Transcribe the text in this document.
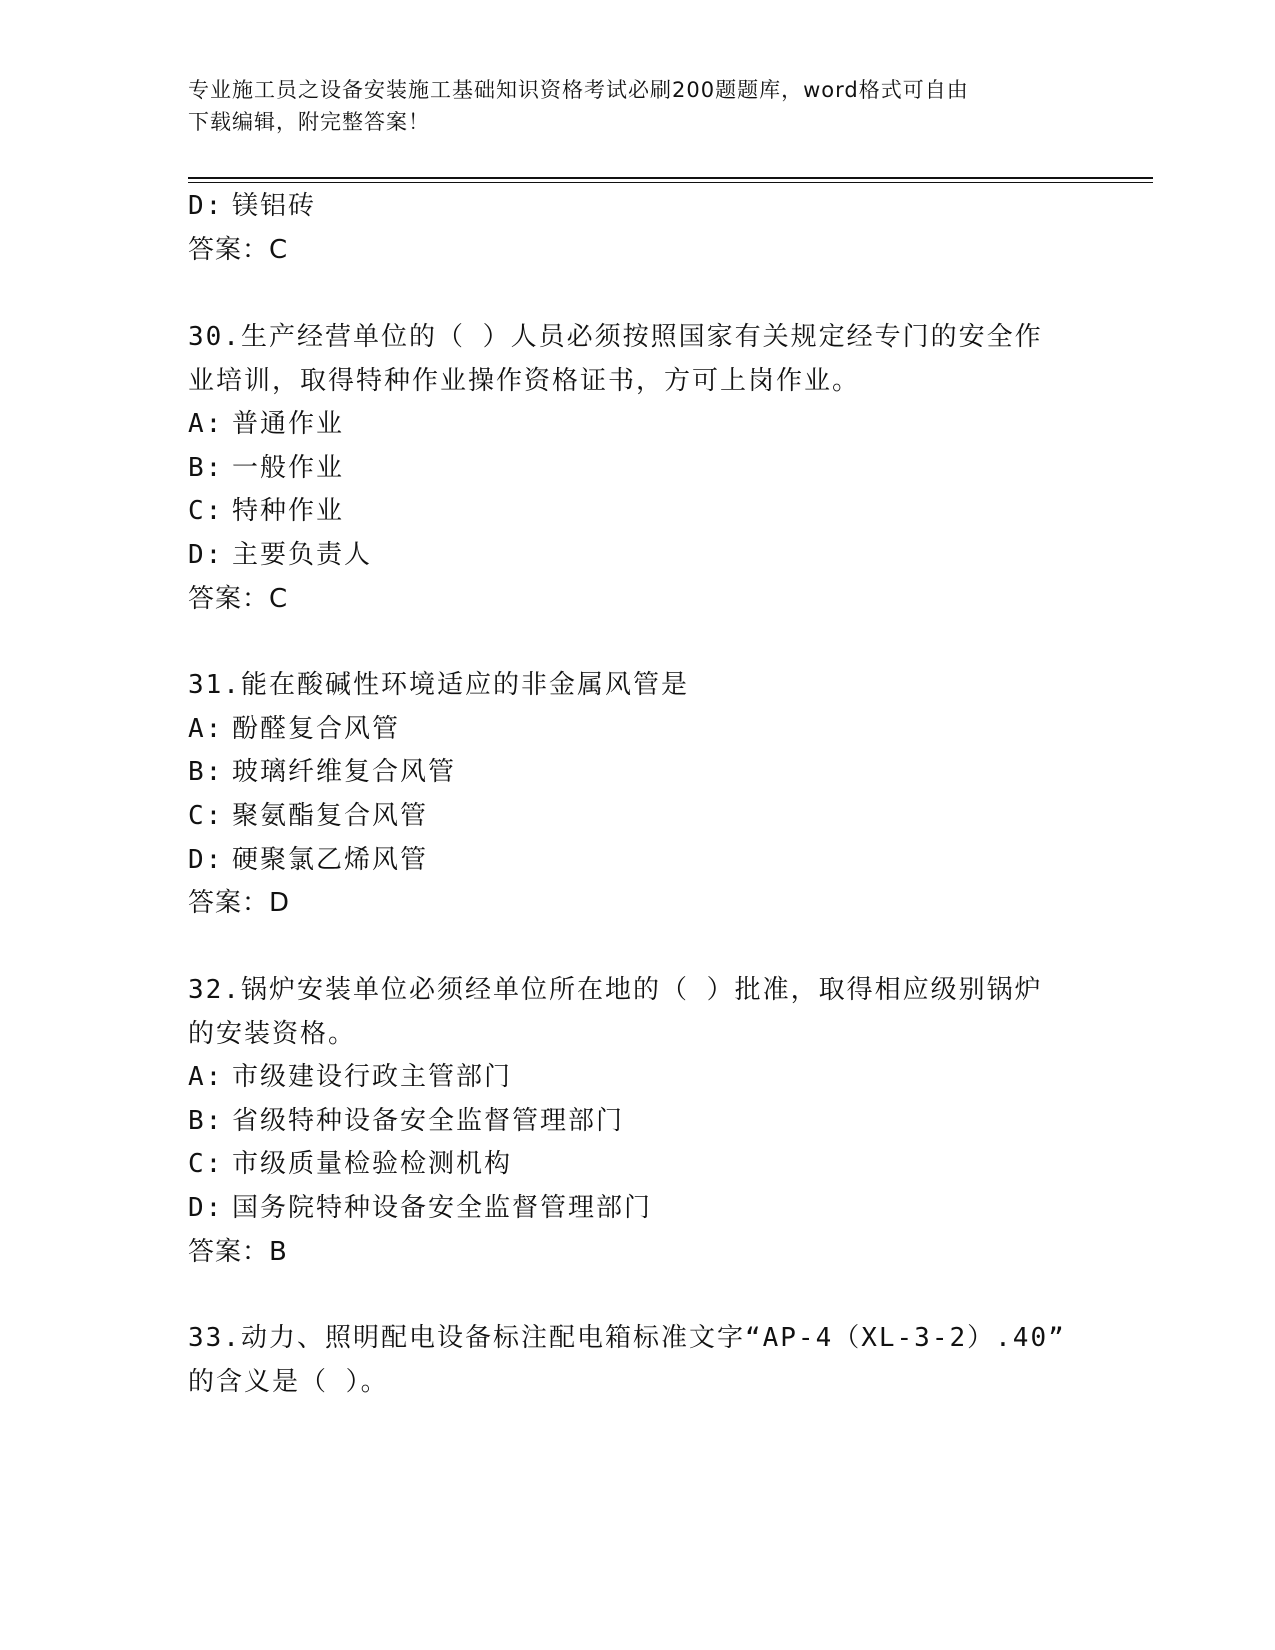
专业施工员之设备安装施工基础知识资格考试必刷200题题库，word格式可自由
下载编辑，附完整答案！
D: 镁铝砖
答案：C
30.生产经营单位的（ ）人员必须按照国家有关规定经专门的安全作
业培训，取得特种作业操作资格证书，方可上岗作业。
A: 普通作业
B: 一般作业
C: 特种作业
D: 主要负责人
答案：C
31.能在酸碱性环境适应的非金属风管是
A: 酚醛复合风管
B: 玻璃纤维复合风管
C: 聚氨酯复合风管
D: 硬聚氯乙烯风管
答案：D
32.锅炉安装单位必须经单位所在地的（ ）批准，取得相应级别锅炉
的安装资格。
A: 市级建设行政主管部门
B: 省级特种设备安全监督管理部门
C: 市级质量检验检测机构
D: 国务院特种设备安全监督管理部门
答案：B
33.动力、照明配电设备标注配电箱标准文字“AP-4（XL-3-2）.40”
的含义是（ ）。
